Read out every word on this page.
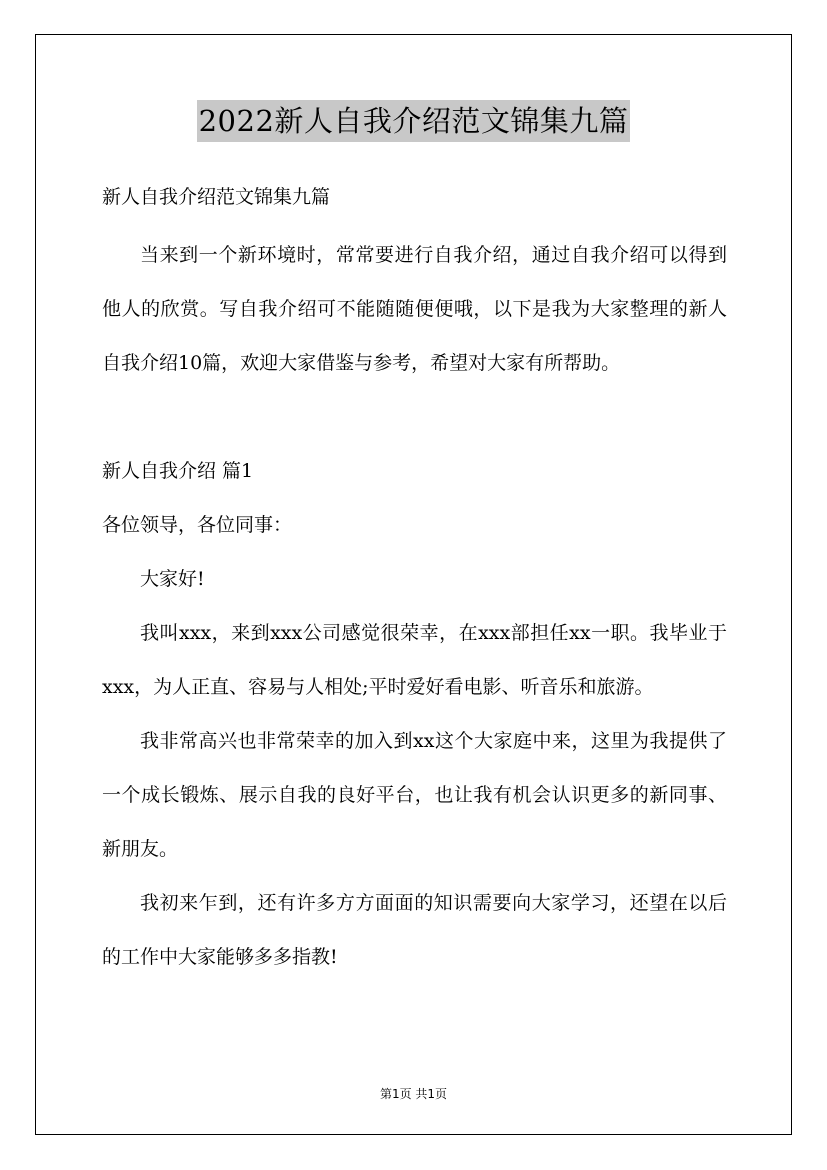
2022新人自我介绍范文锦集九篇

新人自我介绍范文锦集九篇

当来到一个新环境时，常常要进行自我介绍，通过自我介绍可以得到他人的欣赏。写自我介绍可不能随随便便哦，以下是我为大家整理的新人自我介绍10篇，欢迎大家借鉴与参考，希望对大家有所帮助。

新人自我介绍 篇1

各位领导，各位同事：

大家好!

我叫xxx，来到xxx公司感觉很荣幸，在xxx部担任xx一职。我毕业于xxx，为人正直、容易与人相处;平时爱好看电影、听音乐和旅游。

我非常高兴也非常荣幸的加入到xx这个大家庭中来，这里为我提供了一个成长锻炼、展示自我的良好平台，也让我有机会认识更多的新同事、新朋友。

我初来乍到，还有许多方方面面的知识需要向大家学习，还望在以后的工作中大家能够多多指教!

第1页 共1页
